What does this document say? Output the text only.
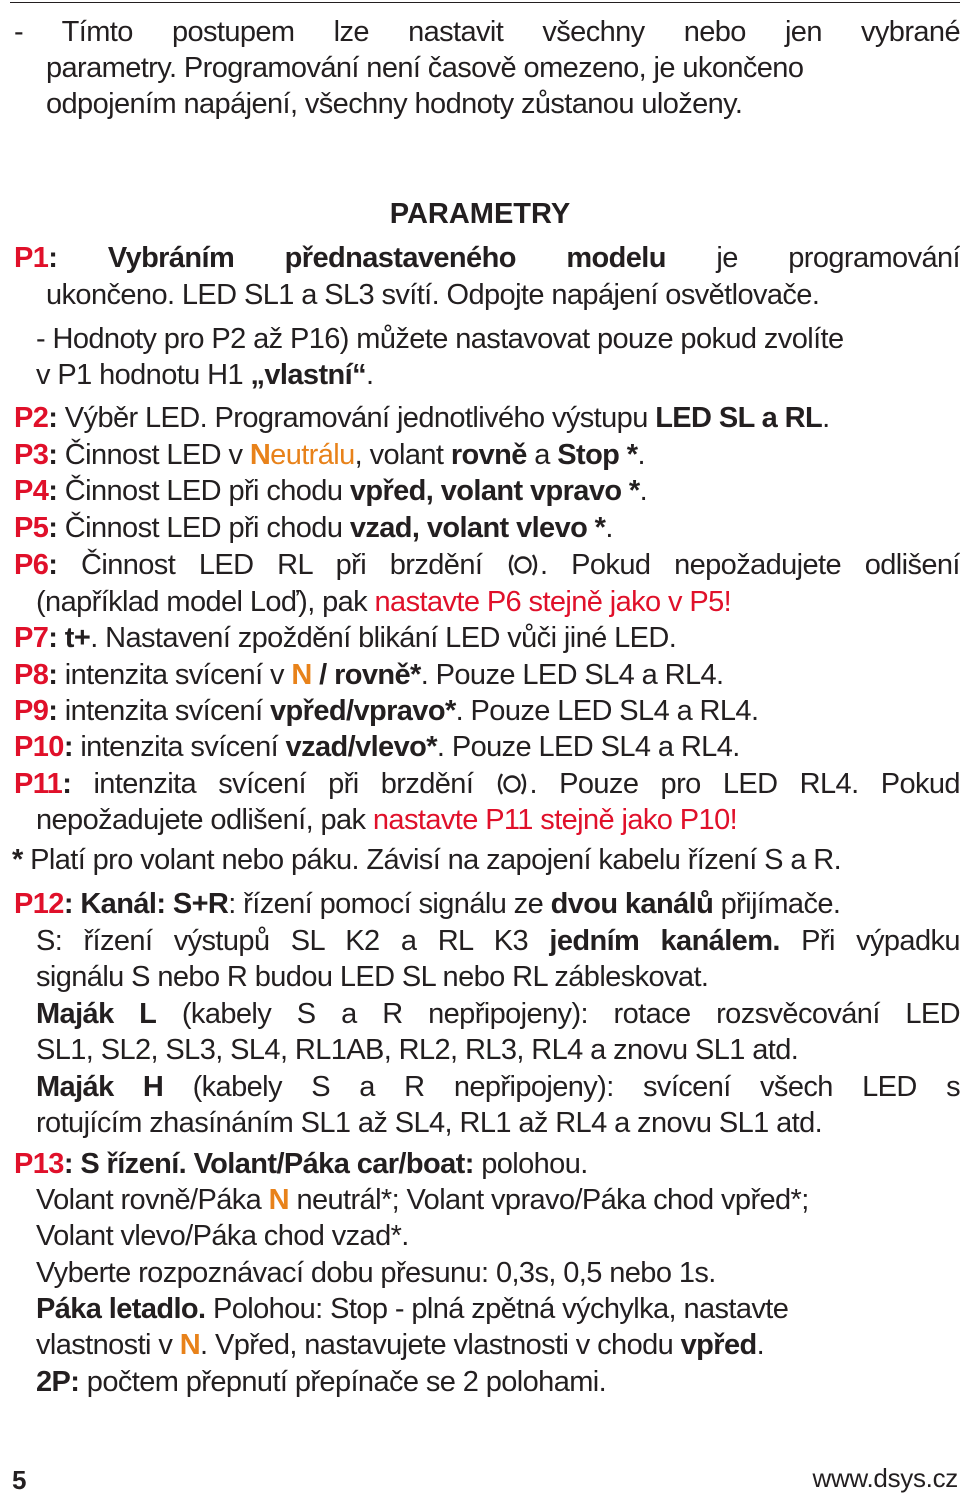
- Tímto postupem lze nastavit všechny nebo jen vybrané
parametry. Programování není časově omezeno, je ukončeno
odpojením napájení, všechny hodnoty zůstanou uloženy.
PARAMETRY
P1: Vybráním přednastaveného modelu je programování
ukončeno. LED SL1 a SL3 svítí. Odpojte napájení osvětlovače.
- Hodnoty pro P2 až P16) můžete nastavovat pouze pokud zvolíte
v P1 hodnotu H1 „vlastní“.
P2: Výběr LED. Programování jednotlivého výstupu LED SL a RL.
P3: Činnost LED v Neutrálu, volant rovně a Stop *.
P4: Činnost LED při chodu vpřed, volant vpravo *.
P5: Činnost LED při chodu vzad, volant vlevo *.
P6: Činnost LED RL při brzdění . Pokud nepožadujete odlišení
(například model Loď), pak nastavte P6 stejně jako v P5!
P7: t+. Nastavení zpoždění blikání LED vůči jiné LED.
P8: intenzita svícení v N / rovně*. Pouze LED SL4 a RL4.
P9: intenzita svícení vpřed/vpravo*. Pouze LED SL4 a RL4.
P10: intenzita svícení vzad/vlevo*. Pouze LED SL4 a RL4.
P11: intenzita svícení při brzdění . Pouze pro LED RL4. Pokud
nepožadujete odlišení, pak nastavte P11 stejně jako P10!
* Platí pro volant nebo páku. Závisí na zapojení kabelu řízení S a R.
P12: Kanál: S+R: řízení pomocí signálu ze dvou kanálů přijímače.
S: řízení výstupů SL K2 a RL K3 jedním kanálem. Při výpadku
signálu S nebo R budou LED SL nebo RL zábleskovat.
Maják L (kabely S a R nepřipojeny): rotace rozsvěcování LED
SL1, SL2, SL3, SL4, RL1AB, RL2, RL3, RL4 a znovu SL1 atd.
Maják H (kabely S a R nepřipojeny): svícení všech LED s
rotujícím zhasínáním SL1 až SL4, RL1 až RL4 a znovu SL1 atd.
P13: S řízení. Volant/Páka car/boat: polohou.
Volant rovně/Páka N neutrál*; Volant vpravo/Páka chod vpřed*;
Volant vlevo/Páka chod vzad*.
Vyberte rozpoznávací dobu přesunu: 0,3s, 0,5 nebo 1s.
Páka letadlo. Polohou: Stop - plná zpětná výchylka, nastavte
vlastnosti v N. Vpřed, nastavujete vlastnosti v chodu vpřed.
2P: počtem přepnutí přepínače se 2 polohami.
5	www.dsys.cz
